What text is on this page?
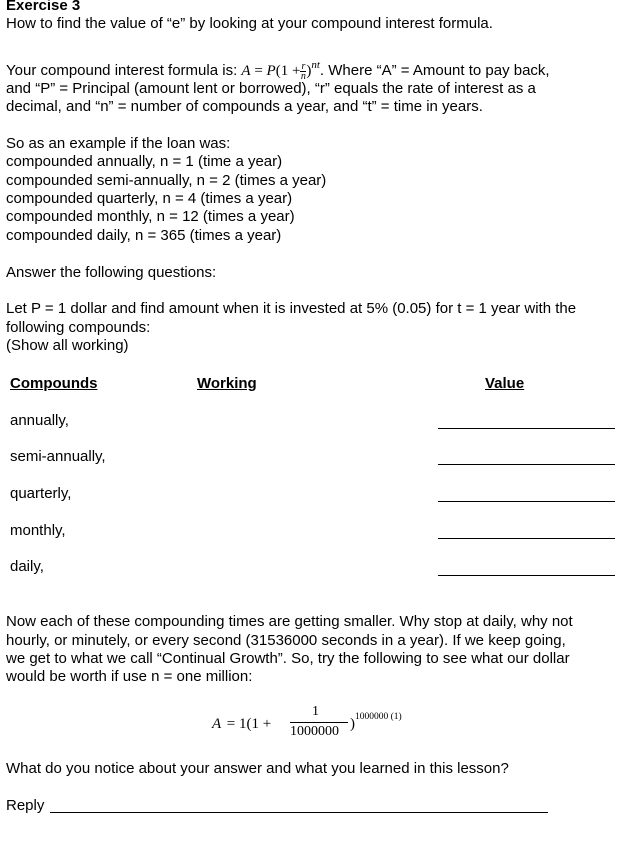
Exercise 3
How to find the value of “e” by looking at your compound interest formula.
Your compound interest formula is: $A = P(1 + \frac{r}{n} )^{nt}$. Where “A” = Amount to pay back,
and “P” = Principal (amount lent or borrowed), “r” equals the rate of interest as a
decimal, and “n” = number of compounds a year, and “t” = time in years.
So as an example if the loan was:
compounded annually, n = 1 (time a year)
compounded semi-annually, n = 2 (times a year)
compounded quarterly, n = 4 (times a year)
compounded monthly, n = 12 (times a year)
compounded daily, n = 365 (times a year)
Answer the following questions:
Let P = 1 dollar and find amount when it is invested at 5% (0.05) for t = 1 year with the
following compounds:
(Show all working)
Compounds	Working	Value
annually,
semi-annually,
quarterly,
monthly,
daily,
Now each of these compounding times are getting smaller. Why stop at daily, why not
hourly, or minutely, or every second (31536000 seconds in a year). If we keep going,
we get to what we call “Continual Growth”. So, try the following to see what our dollar
would be worth if use n = one million:
A = 1(1 +
1
1000000 ) 1000000 (1)
What do you notice about your answer and what you learned in this lesson?
Reply
